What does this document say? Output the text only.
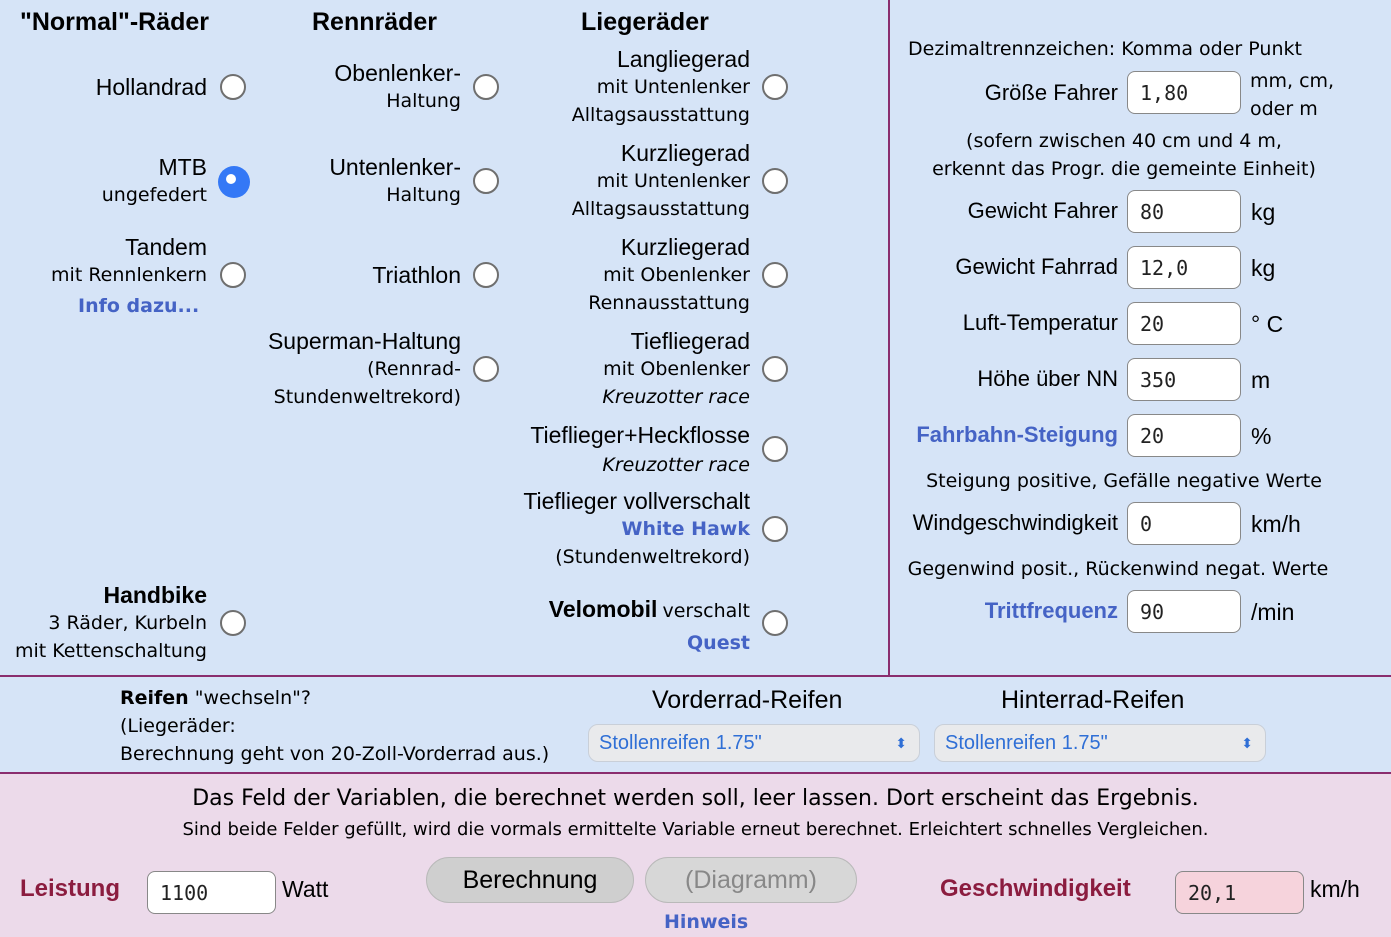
"Normal"-Räder	Rennräder	Liegeräder
Hollandrad
MTB
ungefedert
Tandem
mit Rennlenkern
Info dazu...
Handbike
3 Räder, Kurbeln
mit Kettenschaltung
Obenlenker-
Haltung
Untenlenker-
Haltung
Triathlon
Superman-Haltung
(Rennrad-
Stundenweltrekord)
Langliegerad
mit Untenlenker
Alltagsausstattung
Kurzliegerad
mit Untenlenker
Alltagsausstattung
Kurzliegerad
mit Obenlenker
Rennausstattung
Tiefliegerad
mit Obenlenker
Kreuzotter race
Tieflieger+Heckflosse
Kreuzotter race
Tieflieger vollverschalt
White Hawk
(Stundenweltrekord)
Velomobil verschalt
Quest
Dezimaltrennzeichen: Komma oder Punkt
Größe Fahrer
1,80	mm, cm,
oder m
(sofern zwischen 40 cm und 4 m,
erkennt das Progr. die gemeinte Einheit)
Gewicht Fahrer
80	kg
Gewicht Fahrrad
12,0	kg
Luft-Temperatur
20	° C
Höhe über NN
350	m
Fahrbahn-Steigung
20	%
Steigung positive, Gefälle negative Werte
Windgeschwindigkeit
0	km/h
Gegenwind posit., Rückenwind negat. Werte
Trittfrequenz
90	/min
Reifen "wechseln"?
(Liegeräder:
Berechnung geht von 20-Zoll-Vorderrad aus.)
Vorderrad-Reifen
Stollenreifen 1.75"	⬍
Hinterrad-Reifen
Stollenreifen 1.75"	⬍
Das Feld der Variablen, die berechnet werden soll, leer lassen. Dort erscheint das Ergebnis.
Sind beide Felder gefüllt, wird die vormals ermittelte Variable erneut berechnet. Erleichtert schnelles Vergleichen.
Leistung
1100	Watt	Berechnung	(Diagramm)
Hinweis
Geschwindigkeit
20,1	km/h
